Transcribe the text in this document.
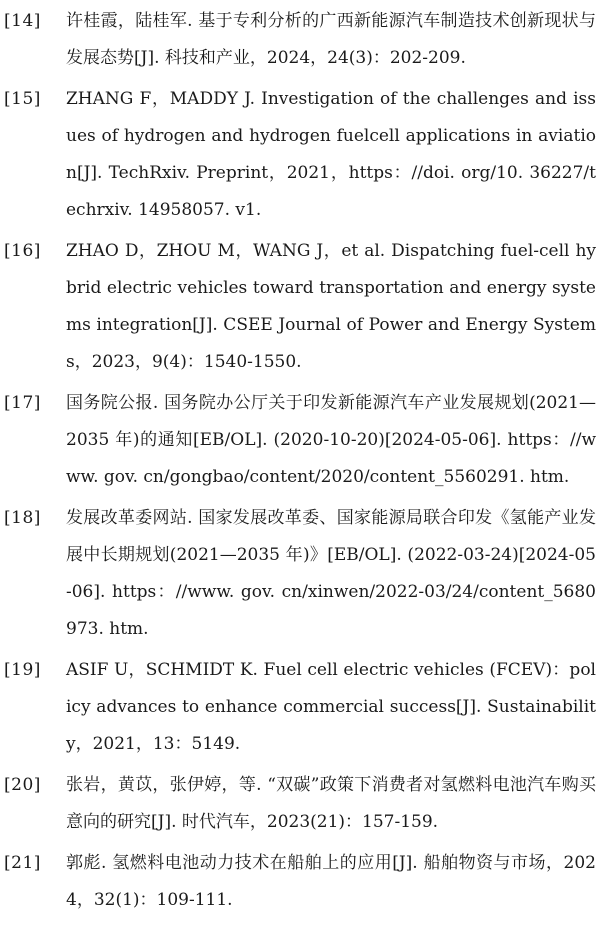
[14]	许桂霞，陆桂军. 基于专利分析的广西新能源汽车制造技术创新现状与发展态势[J]. 科技和产业，2024，24(3)：202-209.
[15]	ZHANG F，MADDY J. Investigation of the challenges and issues of hydrogen and hydrogen fuelcell applications in aviation[J]. TechRxiv. Preprint，2021，https：//doi. org/10. 36227/techrxiv. 14958057. v1.
[16]	ZHAO D，ZHOU M，WANG J，et al. Dispatching fuel-cell hybrid electric vehicles toward transportation and energy systems integration[J]. CSEE Journal of Power and Energy Systems，2023，9(4)：1540-1550.
[17]	国务院公报. 国务院办公厅关于印发新能源汽车产业发展规划(2021—2035 年)的通知[EB/OL]. (2020-10-20)[2024-05-06]. https：//www. gov. cn/gongbao/content/2020/content_5560291. htm.
[18]	发展改革委网站. 国家发展改革委、国家能源局联合印发《氢能产业发展中长期规划(2021—2035 年)》[EB/OL]. (2022-03-24)[2024-05-06]. https：//www. gov. cn/xinwen/2022-03/24/content_5680973. htm.
[19]	ASIF U，SCHMIDT K. Fuel cell electric vehicles (FCEV)：policy advances to enhance commercial success[J]. Sustainability，2021，13：5149.
[20]	张岩，黄苡，张伊婷，等. “双碳”政策下消费者对氢燃料电池汽车购买意向的研究[J]. 时代汽车，2023(21)：157-159.
[21]	郭彪. 氢燃料电池动力技术在船舶上的应用[J]. 船舶物资与市场，2024，32(1)：109-111.
